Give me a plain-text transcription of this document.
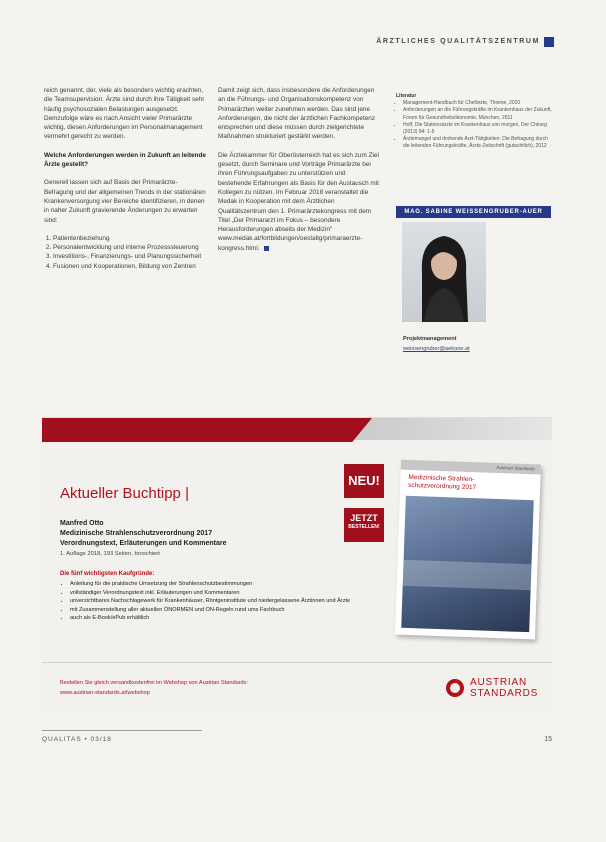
ÄRZTLICHES QUALITÄTSZENTRUM

reich genannt, der, viele als besonders wichtig erachten, die Teamsupervision. Ärzte sind durch ihre Tätigkeit sehr häufig psychosozialen Belastungen ausgesetzt. Demzufolge wäre es nach Ansicht vieler Primarärzte wichtig, diesen Anforderungen im Personalmanagement vermehrt gerecht zu werden.

Welche Anforderungen werden in Zukunft an leitende Ärzte gestellt?

Generell lassen sich auf Basis der Primarärzte-Befragung und der allgemeinen Trends in der stationären Krankenversorgung vier Bereiche identifizieren, in denen in naher Zukunft gravierende Änderungen zu erwarten sind:

1. Patientenbeziehung
2. Personalentwicklung und interne Prozesssteuerung
3. Investitions-, Finanzierungs- und Planungssicherheit
4. Fusionen und Kooperationen, Bildung von Zentren

Damit zeigt sich, dass insbesondere die Anforderungen an die Führungs- und Organisationskompetenz von Primarärzten weiter zunehmen werden. Das sind jene Anforderungen, die nicht der ärztlichen Fachkompetenz entsprechen und diese müssen durch zielgerichtete Maßnahmen strukturiert gestärkt werden.

Die Ärztekammer für Oberösterreich hat es sich zum Ziel gesetzt, durch Seminare und Vorträge Primarärzte bei ihren Führungsaufgaben zu unterstützen und bestehende Erfahrungen als Basis für den Austausch mit Kollegen zu nützen. Im Februar 2018 veranstaltet die Medak in Kooperation mit dem Ärztlichen Qualitätszentrum den 1. Primarärztekongress mit dem Titel „Der Primararzt im Fokus – besondere Herausforderungen abseits der Medizin“ www.medak.at/fortbildungen/oestaltg/primaraerzte-kongress.html.

Literatur
• Management-Handbuch für Chefärzte, Thieme, 2010
• Anforderungen an die Führungskräfte im Krankenhaus der Zukunft, Forum für Gesundheitsökonomie, München, 2011
• Hoff, Die Stationsärzte im Krankenhaus von morgen, Der Chirurg (2013) 84: 1-5
• Ärztemangel und drohende Arzt-Tätigkeiten: Die Befragung durch die leitenden Führungskräfte, Ärzte-Zeitschrift (gutachtlich), 2012
MAG. SABINE WEISSENGRUBER-AUER
Projektmanagement
weissengruber@aekooe.at
Aktueller Buchtipp |
Manfred Otto
Medizinische Strahlenschutzverordnung 2017
Verordnungstext, Erläuterungen und Kommentare
1. Auflage 2018, 193 Seiten, broschiert
Die fünf wichtigsten Kaufgründe:
• Anleitung für die praktische Umsetzung der Strahlenschutzbestimmungen
• vollständiger Verordnungstext inkl. Erläuterungen und Kommentaren
• unverzichtbares Nachschlagewerk für Krankenhäuser, Röntgeninstitute und niedergelassene Ärztinnen und Ärzte
• mit Zusammenstellung aller aktuellen ÖNORMEN und ON-Regeln rund ums Fachbuch
• auch als E-Book/ePub erhältlich
NEU!
JETZT
BESTELLEN!
Austrian Standards
Medizinische Strahlen-
schutzverordnung 2017
Bestellen Sie gleich versandkostenfrei im Webshop von Austrian Standards:
www.austrian-standards.at/webshop
AUSTRIAN
STANDARDS
QUALITAS • 03/18	15
